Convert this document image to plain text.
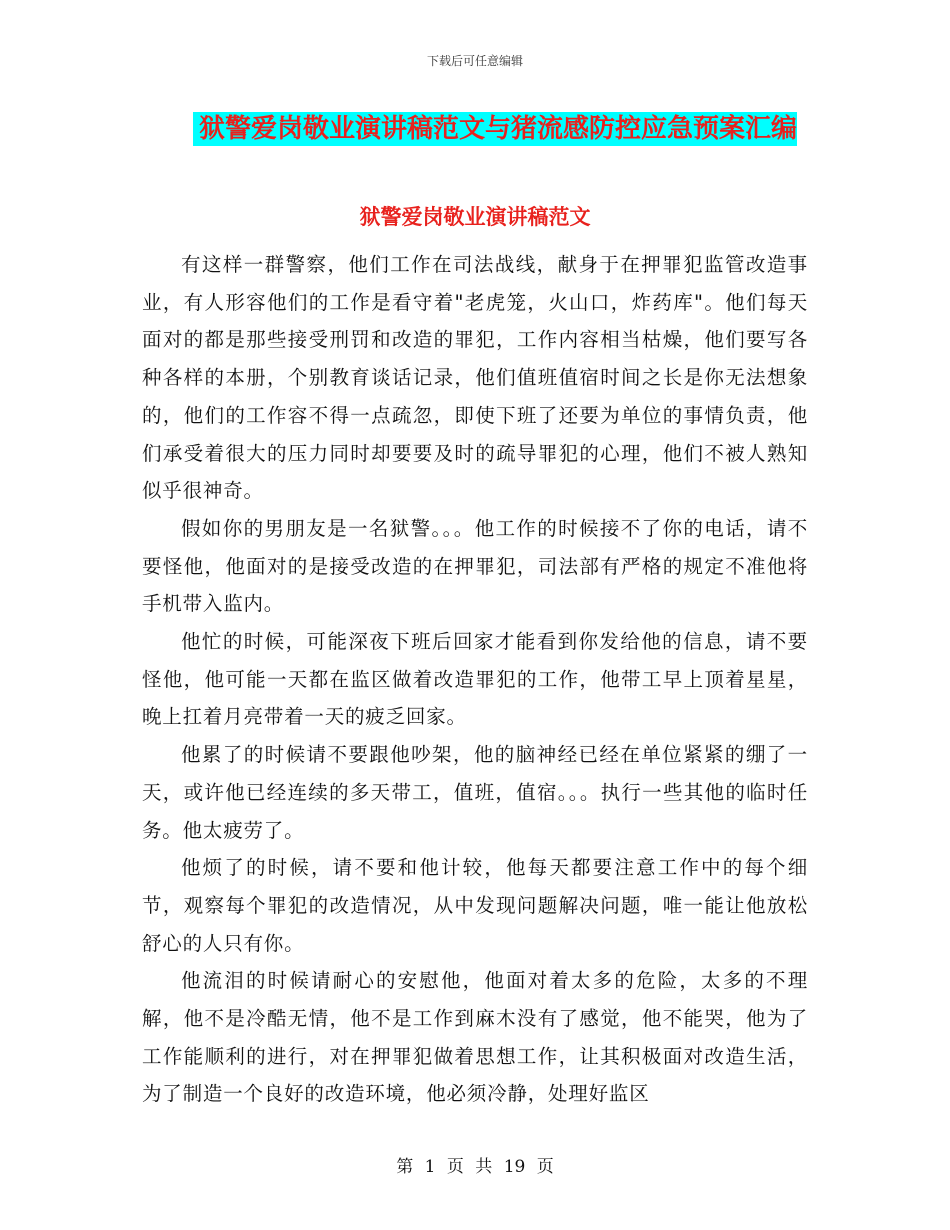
下载后可任意编辑
狱警爱岗敬业演讲稿范文与猪流感防控应急预案汇编
狱警爱岗敬业演讲稿范文

有这样一群警察，他们工作在司法战线，献身于在押罪犯监管改造事业，有人形容他们的工作是看守着"老虎笼，火山口，炸药库"。他们每天面对的都是那些接受刑罚和改造的罪犯，工作内容相当枯燥，他们要写各种各样的本册，个别教育谈话记录，他们值班值宿时间之长是你无法想象的，他们的工作容不得一点疏忽，即使下班了还要为单位的事情负责，他们承受着很大的压力同时却要要及时的疏导罪犯的心理，他们不被人熟知似乎很神奇。

假如你的男朋友是一名狱警。。。他工作的时候接不了你的电话，请不要怪他，他面对的是接受改造的在押罪犯，司法部有严格的规定不准他将手机带入监内。

他忙的时候，可能深夜下班后回家才能看到你发给他的信息，请不要怪他，他可能一天都在监区做着改造罪犯的工作，他带工早上顶着星星，晚上扛着月亮带着一天的疲乏回家。

他累了的时候请不要跟他吵架，他的脑神经已经在单位紧紧的绷了一天，或许他已经连续的多天带工，值班，值宿。。。执行一些其他的临时任务。他太疲劳了。

他烦了的时候，请不要和他计较，他每天都要注意工作中的每个细节，观察每个罪犯的改造情况，从中发现问题解决问题，唯一能让他放松舒心的人只有你。

他流泪的时候请耐心的安慰他，他面对着太多的危险，太多的不理解，他不是冷酷无情，他不是工作到麻木没有了感觉，他不能哭，他为了工作能顺利的进行，对在押罪犯做着思想工作，让其积极面对改造生活，为了制造一个良好的改造环境，他必须冷静，处理好监区

第 1 页 共 19 页
